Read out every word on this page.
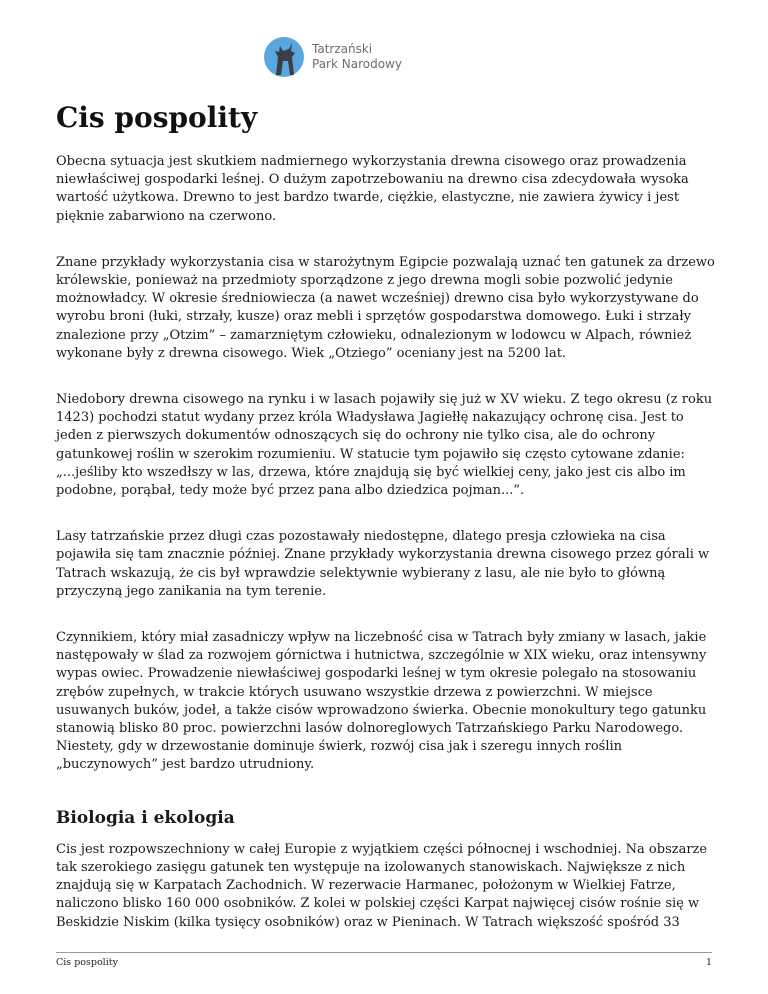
Tatrzański
Park Narodowy
Cis pospolity

Obecna sytuacja jest skutkiem nadmiernego wykorzystania drewna cisowego oraz prowadzenia niewłaściwej gospodarki leśnej. O dużym zapotrzebowaniu na drewno cisa zdecydowała wysoka wartość użytkowa. Drewno to jest bardzo twarde, ciężkie, elastyczne, nie zawiera żywicy i jest pięknie zabarwiono na czerwono.

Znane przykłady wykorzystania cisa w starożytnym Egipcie pozwalają uznać ten gatunek za drzewo królewskie, ponieważ na przedmioty sporządzone z jego drewna mogli sobie pozwolić jedynie możnowładcy. W okresie średniowiecza (a nawet wcześniej) drewno cisa było wykorzystywane do wyrobu broni (łuki, strzały, kusze) oraz mebli i sprzętów gospodarstwa domowego. Łuki i strzały znalezione przy „Otzim” – zamarzniętym człowieku, odnalezionym w lodowcu w Alpach, również wykonane były z drewna cisowego. Wiek „Otziego” oceniany jest na 5200 lat.

Niedobory drewna cisowego na rynku i w lasach pojawiły się już w XV wieku. Z tego okresu (z roku 1423) pochodzi statut wydany przez króla Władysława Jagiełłę nakazujący ochronę cisa. Jest to jeden z pierwszych dokumentów odnoszących się do ochrony nie tylko cisa, ale do ochrony gatunkowej roślin w szerokim rozumieniu. W statucie tym pojawiło się często cytowane zdanie: „...jeśliby kto wszedłszy w las, drzewa, które znajdują się być wielkiej ceny, jako jest cis albo im podobne, porąbał, tedy może być przez pana albo dziedzica pojman...”.

Lasy tatrzańskie przez długi czas pozostawały niedostępne, dlatego presja człowieka na cisa pojawiła się tam znacznie później. Znane przykłady wykorzystania drewna cisowego przez górali w Tatrach wskazują, że cis był wprawdzie selektywnie wybierany z lasu, ale nie było to główną przyczyną jego zanikania na tym terenie.

Czynnikiem, który miał zasadniczy wpływ na liczebność cisa w Tatrach były zmiany w lasach, jakie następowały w ślad za rozwojem górnictwa i hutnictwa, szczególnie w XIX wieku, oraz intensywny wypas owiec. Prowadzenie niewłaściwej gospodarki leśnej w tym okresie polegało na stosowaniu zrębów zupełnych, w trakcie których usuwano wszystkie drzewa z powierzchni. W miejsce usuwanych buków, jodeł, a także cisów wprowadzono świerka. Obecnie monokultury tego gatunku stanowią blisko 80 proc. powierzchni lasów dolnoreglowych Tatrzańskiego Parku Narodowego. Niestety, gdy w drzewostanie dominuje świerk, rozwój cisa jak i szeregu innych roślin „buczynowych” jest bardzo utrudniony.

Biologia i ekologia

Cis jest rozpowszechniony w całej Europie z wyjątkiem części północnej i wschodniej. Na obszarze tak szerokiego zasięgu gatunek ten występuje na izolowanych stanowiskach. Największe z nich znajdują się w Karpatach Zachodnich. W rezerwacie Harmanec, położonym w Wielkiej Fatrze, naliczono blisko 160 000 osobników. Z kolei w polskiej części Karpat najwięcej cisów rośnie się w Beskidzie Niskim (kilka tysięcy osobników) oraz w Pieninach. W Tatrach większość spośród 33

Cis pospolity	1
